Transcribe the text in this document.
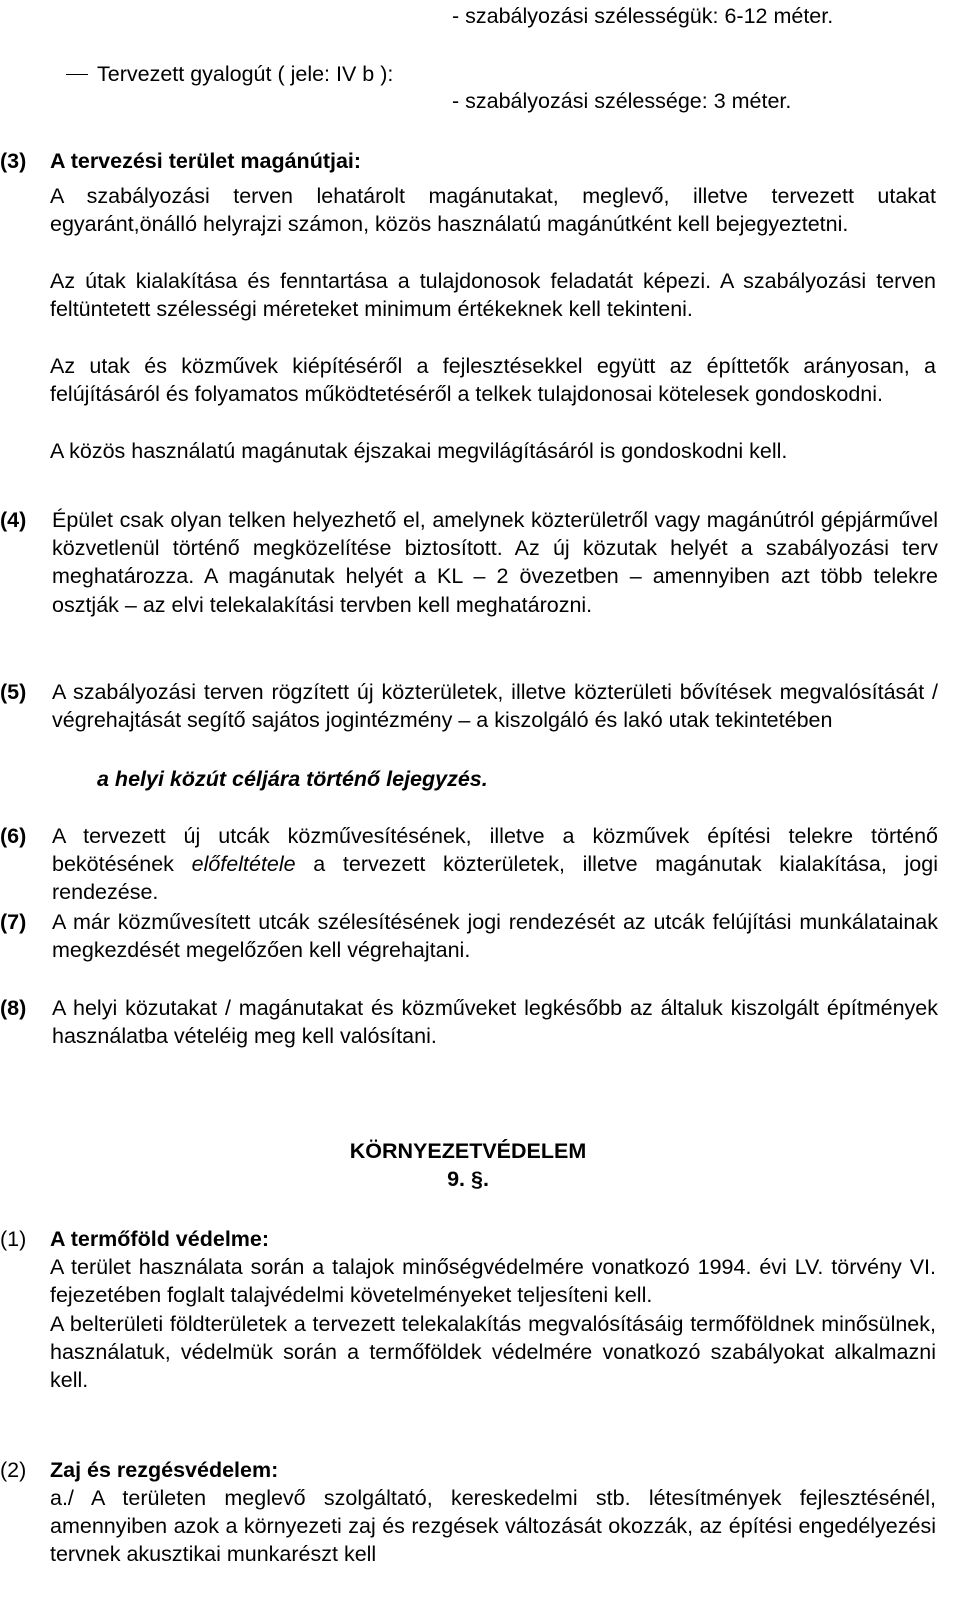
- szabályozási szélességük: 6-12 méter.
Tervezett gyalogút ( jele: IV b ):
- szabályozási szélessége: 3 méter.
(3) A tervezési terület magánútjai:
A szabályozási terven lehatárolt magánutakat, meglevő, illetve tervezett utakat egyaránt,önálló helyrajzi számon, közös használatú magánútként kell bejegyeztetni.
Az útak kialakítása és fenntartása a tulajdonosok feladatát képezi. A szabályozási terven feltüntetett szélességi méreteket minimum értékeknek kell tekinteni.
Az utak és közművek kiépítéséről a fejlesztésekkel együtt az építtetők arányosan, a felújításáról és folyamatos működtetéséről a telkek tulajdonosai kötelesek gondoskodni.
A közös használatú magánutak éjszakai megvilágításáról is gondoskodni kell.
(4) Épület csak olyan telken helyezhető el, amelynek közterületről vagy magánútról gépjárművel közvetlenül történő megközelítése biztosított. Az új közutak helyét a szabályozási terv meghatározza. A magánutak helyét a KL – 2 övezetben – amennyiben azt több telekre osztják – az elvi telekalakítási tervben kell meghatározni.
(5) A szabályozási terven rögzített új közterületek, illetve közterületi bővítések megvalósítását / végrehajtását segítő sajátos jogintézmény – a kiszolgáló és lakó utak tekintetében
a helyi közút céljára történő lejegyzés.
(6) A tervezett új utcák közművesítésének, illetve a közművek építési telekre történő bekötésének előfeltétele a tervezett közterületek, illetve magánutak kialakítása, jogi rendezése.
(7) A már közművesített utcák szélesítésének jogi rendezését az utcák felújítási munkálatainak megkezdését megelőzően kell végrehajtani.
(8) A helyi közutakat / magánutakat és közműveket legkésőbb az általuk kiszolgált építmények használatba vételéig meg kell valósítani.
KÖRNYEZETVÉDELEM
9. §.
(1) A termőföld védelme:
A terület használata során a talajok minőségvédelmére vonatkozó 1994. évi LV. törvény VI. fejezetében foglalt talajvédelmi követelményeket teljesíteni kell.
A belterületi földterületek a tervezett telekalakítás megvalósításáig termőföldnek minősülnek, használatuk, védelmük során a termőföldek védelmére vonatkozó szabályokat alkalmazni kell.
(2) Zaj és rezgésvédelem:
a./ A területen meglevő szolgáltató, kereskedelmi stb. létesítmények fejlesztésénél, amennyiben azok a környezeti zaj és rezgések változását okozzák, az építési engedélyezési tervnek akusztikai munkarészt kell
